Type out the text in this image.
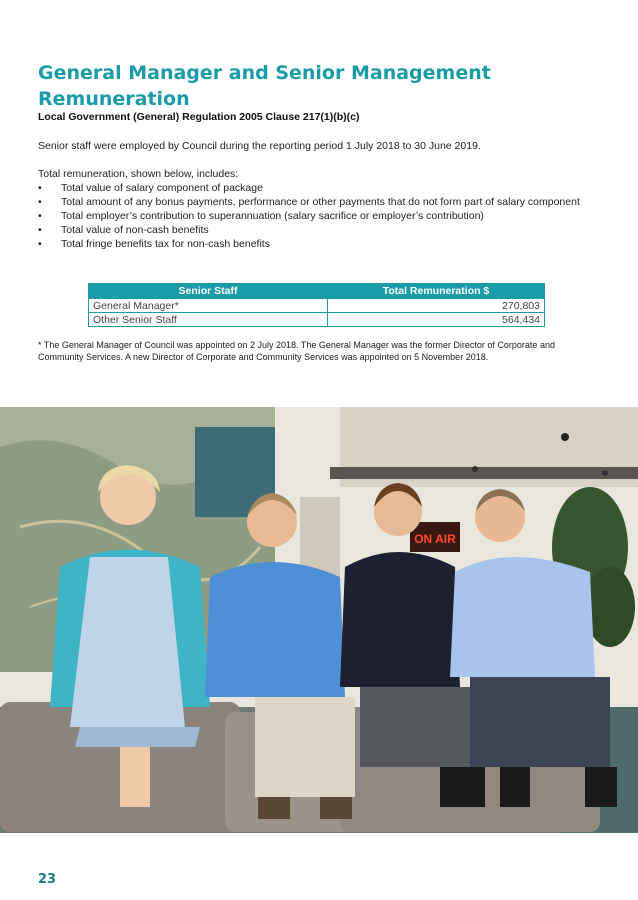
General Manager and Senior Management Remuneration
Local Government (General) Regulation 2005 Clause 217(1)(b)(c)

Senior staff were employed by Council during the reporting period 1 July 2018 to 30 June 2019.

Total remuneration, shown below, includes:

• Total value of salary component of package
• Total amount of any bonus payments, performance or other payments that do not form part of salary component
• Total employer’s contribution to superannuation (salary sacrifice or employer’s contribution)
• Total value of non-cash benefits
• Total fringe benefits tax for non-cash benefits
Senior Staff	Total Remuneration $
General Manager*	270,803
Other Senior Staff	564,434

* The General Manager of Council was appointed on 2 July 2018. The General Manager was the former Director of Corporate and Community Services. A new Director of Corporate and Community Services was appointed on 5 November 2018.

ON AIR
23
